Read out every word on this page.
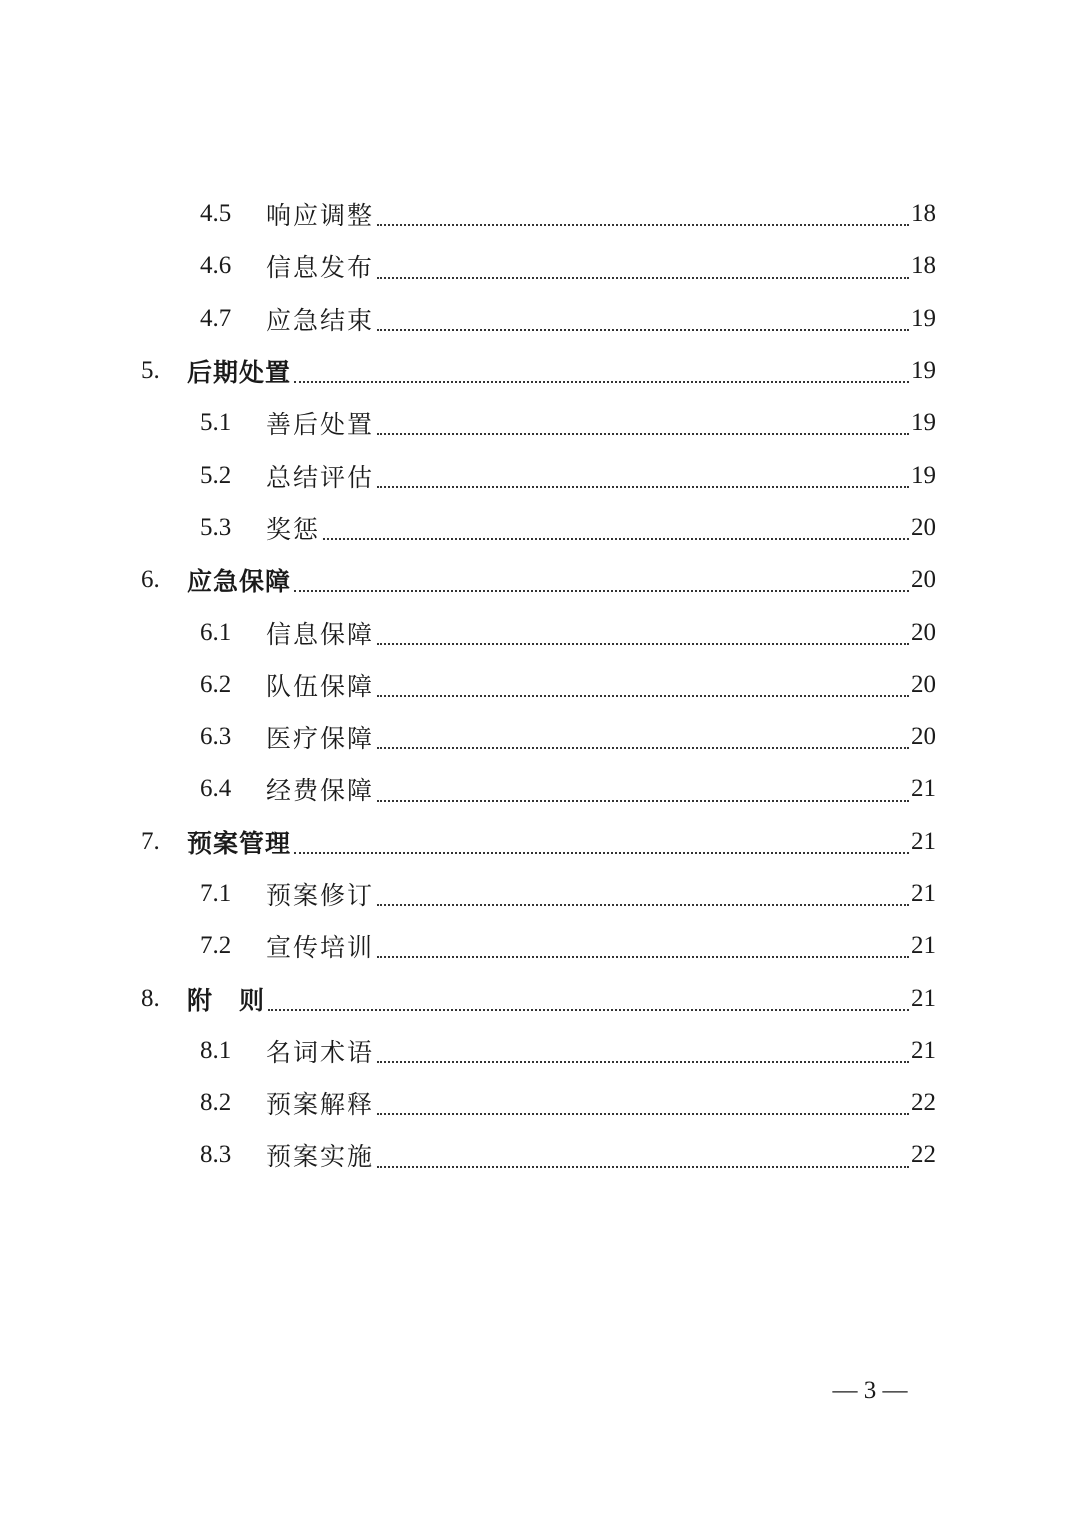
4.5	响应调整	18
4.6	信息发布	18
4.7	应急结束	19
5.	后期处置	19
5.1	善后处置	19
5.2	总结评估	19
5.3	奖惩	20
6.	应急保障	20
6.1	信息保障	20
6.2	队伍保障	20
6.3	医疗保障	20
6.4	经费保障	21
7.	预案管理	21
7.1	预案修订	21
7.2	宣传培训	21
8.	附　则	21
8.1	名词术语	21
8.2	预案解释	22
8.3	预案实施	22
— 3 —
